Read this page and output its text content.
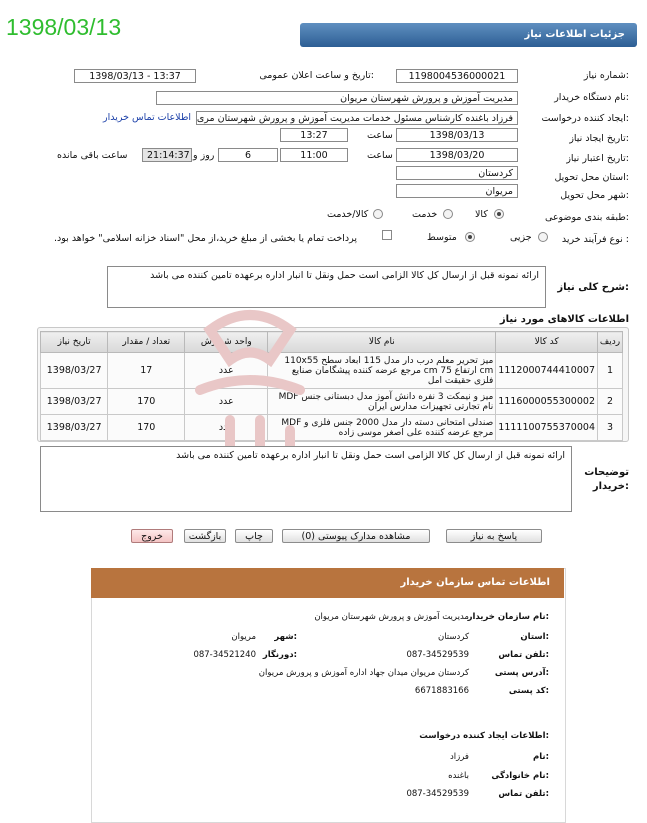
1398/03/13	جزئیات اطلاعات نیاز
شماره نیاز:
1198004536000021
تاریخ و ساعت اعلان عمومی:
1398/03/13 - 13:37
نام دستگاه خریدار:
مدیریت آموزش و پرورش شهرستان مریوان
ایجاد کننده درخواست:
فرزاد باغنده کارشناس مسئول خدمات مدیریت آموزش و پرورش شهرستان مری
اطلاعات تماس خریدار
تاریخ ایجاد نیاز:
1398/03/13
ساعت
13:27
تاریخ اعتبار نیاز:
1398/03/20
ساعت
11:00
6
روز و
21:14:37
ساعت باقی مانده
استان محل تحویل:
کردستان
شهر محل تحویل:
مریوان
طبقه بندی موضوعی:
کالا
خدمت
کالا/خدمت
نوع فرآیند خرید :
جزیی
متوسط
پرداخت تمام یا بخشی از مبلغ خرید،از محل "اسناد خزانه اسلامی" خواهد بود.
شرح کلی نیاز:
ارائه نمونه قبل از ارسال کل کالا الزامی است حمل ونقل تا انبار اداره برعهده تامین کننده می باشد
اطلاعات کالاهای مورد نیاز
ردیف	کد کالا	نام کالا	واحد شمارش	تعداد / مقدار	تاریخ نیاز
1	1112000744410007	میز تحریر معلم درب دار مدل 115 ابعاد سطح 110x55 cm ارتفاع 75 cm مرجع عرضه کننده پیشگامان صنایع فلزی حقیقت امل	عدد	17	1398/03/27
2	1116000055300002	میز و نیمکت 3 نفره دانش آموز مدل دبستانی جنس MDF نام تجارتی تجهیزات مدارس ایران	عدد	170	1398/03/27
3	1111100755370004	صندلی امتحانی دسته دار مدل 2000 جنس فلزی و MDF مرجع عرضه کننده علی اصغر موسی زاده	عدد	170	1398/03/27
توضیحات
خریدار:
ارائه نمونه قبل از ارسال کل کالا الزامی است حمل ونقل تا انبار اداره برعهده تامین کننده می باشد
پاسخ به نیاز
مشاهده مدارک پیوستی (0)
چاپ
بازگشت
خروج
اطلاعات تماس سازمان خریدار
نام سازمان خریدار:
مدیریت آموزش و پرورش شهرستان مریوان
استان:
کردستان
شهر:
مریوان
تلفن تماس:
087-34529539
دورنگار:
087-34521240
آدرس پستی:
کردستان مریوان میدان جهاد اداره آموزش و پرورش مریوان
کد پستی:
6671883166
اطلاعات ایجاد کننده درخواست:
نام:
فرزاد
نام خانوادگی:
باغنده
تلفن تماس:
087-34529539
